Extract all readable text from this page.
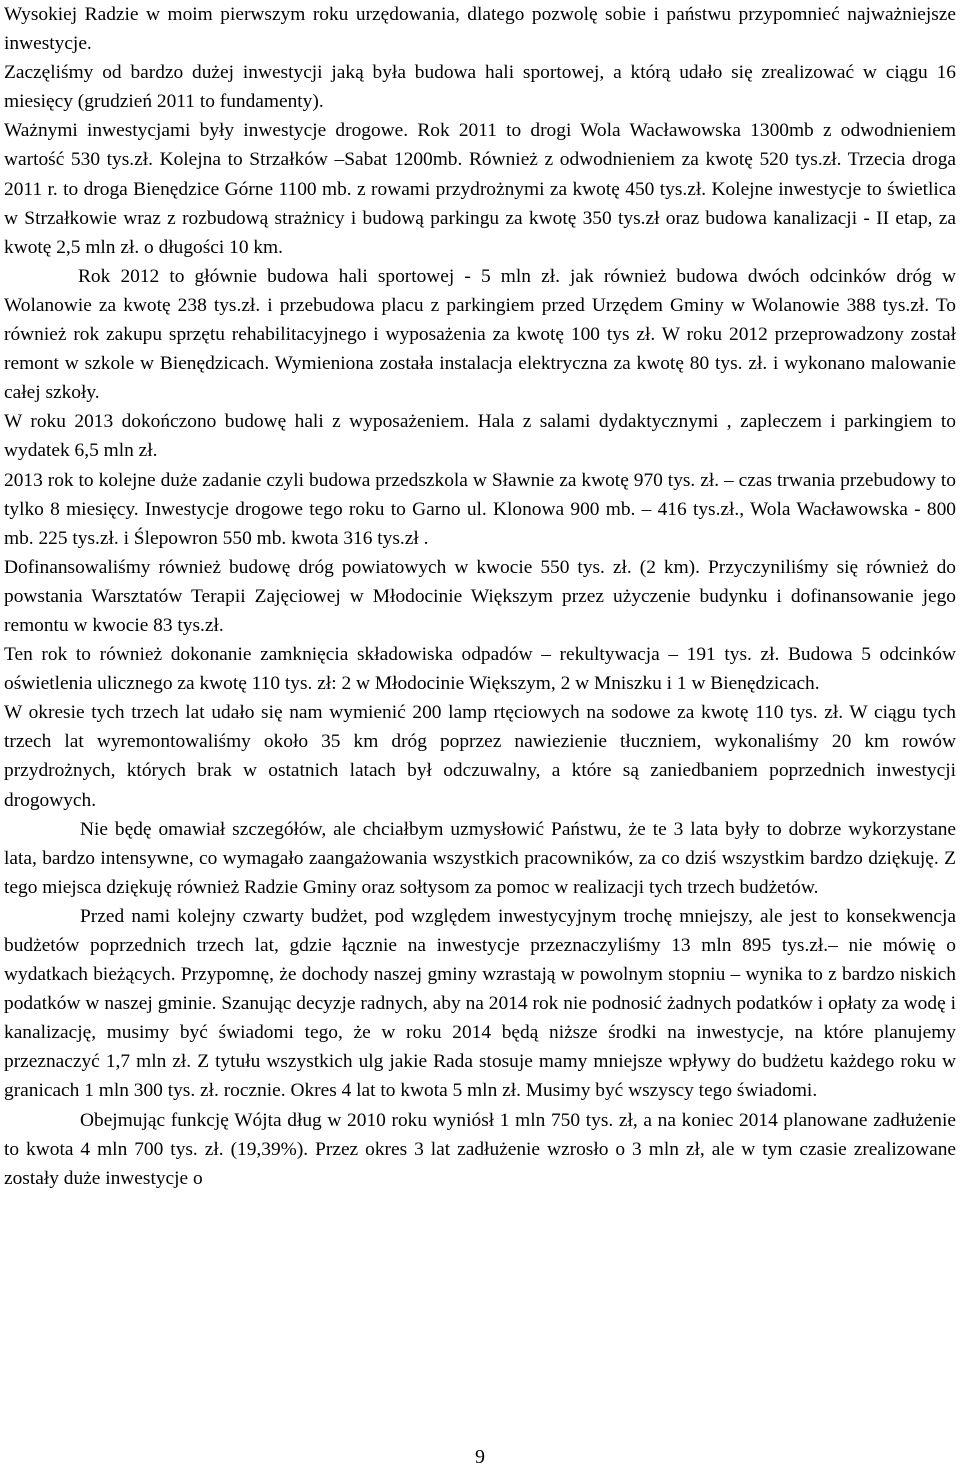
Wysokiej Radzie w moim pierwszym roku urzędowania, dlatego pozwolę sobie i państwu przypomnieć najważniejsze inwestycje.

Zaczęliśmy od bardzo dużej inwestycji jaką była budowa hali sportowej, a którą udało się zrealizować w ciągu 16 miesięcy (grudzień 2011 to fundamenty).

Ważnymi inwestycjami były inwestycje drogowe. Rok 2011 to drogi Wola Wacławowska 1300mb z odwodnieniem wartość 530 tys.zł. Kolejna to Strzałków –Sabat 1200mb. Również z odwodnieniem za kwotę 520 tys.zł. Trzecia droga 2011 r. to droga Bienędzice Górne 1100 mb. z rowami przydrożnymi za kwotę 450 tys.zł. Kolejne inwestycje to świetlica w Strzałkowie wraz z rozbudową strażnicy i budową parkingu za kwotę 350 tys.zł oraz budowa kanalizacji - II etap, za kwotę 2,5 mln zł. o długości 10 km.

Rok 2012 to głównie budowa hali sportowej - 5 mln zł. jak również budowa dwóch odcinków dróg w Wolanowie za kwotę 238 tys.zł. i przebudowa placu z parkingiem przed Urzędem Gminy w Wolanowie 388 tys.zł. To również rok zakupu sprzętu rehabilitacyjnego i wyposażenia za kwotę 100 tys zł. W roku 2012 przeprowadzony został remont w szkole w Bienędzicach. Wymieniona została instalacja elektryczna za kwotę 80 tys. zł. i wykonano malowanie całej szkoły.

W roku 2013 dokończono budowę hali z wyposażeniem. Hala z salami dydaktycznymi , zapleczem i parkingiem to wydatek 6,5 mln zł.

2013 rok to kolejne duże zadanie czyli budowa przedszkola w Sławnie za kwotę 970 tys. zł. – czas trwania przebudowy to tylko 8 miesięcy. Inwestycje drogowe tego roku to Garno ul. Klonowa 900 mb. – 416 tys.zł., Wola Wacławowska - 800 mb. 225 tys.zł. i Ślepowron 550 mb. kwota 316 tys.zł .

Dofinansowaliśmy również budowę dróg powiatowych w kwocie 550 tys. zł. (2 km). Przyczyniliśmy się również do powstania Warsztatów Terapii Zajęciowej w Młodocinie Większym przez użyczenie budynku i dofinansowanie jego remontu w kwocie 83 tys.zł.

Ten rok to również dokonanie zamknięcia składowiska odpadów – rekultywacja – 191 tys. zł. Budowa 5 odcinków oświetlenia ulicznego za kwotę 110 tys. zł: 2 w Młodocinie Większym, 2 w Mniszku i 1 w Bienędzicach.

W okresie tych trzech lat udało się nam wymienić 200 lamp rtęciowych na sodowe za kwotę 110 tys. zł. W ciągu tych trzech lat wyremontowaliśmy około 35 km dróg poprzez nawiezienie tłuczniem, wykonaliśmy 20 km rowów przydrożnych, których brak w ostatnich latach był odczuwalny, a które są zaniedbaniem poprzednich inwestycji drogowych.

Nie będę omawiał szczegółów, ale chciałbym uzmysłowić Państwu, że te 3 lata były to dobrze wykorzystane lata, bardzo intensywne, co wymagało zaangażowania wszystkich pracowników, za co dziś wszystkim bardzo dziękuję. Z tego miejsca dziękuję również Radzie Gminy oraz sołtysom za pomoc w realizacji tych trzech budżetów.

Przed nami kolejny czwarty budżet, pod względem inwestycyjnym trochę mniejszy, ale jest to konsekwencja budżetów poprzednich trzech lat, gdzie łącznie na inwestycje przeznaczyliśmy 13 mln 895 tys.zł.– nie mówię o wydatkach bieżących. Przypomnę, że dochody naszej gminy wzrastają w powolnym stopniu – wynika to z bardzo niskich podatków w naszej gminie. Szanując decyzje radnych, aby na 2014 rok nie podnosić żadnych podatków i opłaty za wodę i kanalizację, musimy być świadomi tego, że w roku 2014 będą niższe środki na inwestycje, na które planujemy przeznaczyć 1,7 mln zł. Z tytułu wszystkich ulg jakie Rada stosuje mamy mniejsze wpływy do budżetu każdego roku w granicach 1 mln 300 tys. zł. rocznie. Okres 4 lat to kwota 5 mln zł. Musimy być wszyscy tego świadomi.

Obejmując funkcję Wójta dług w 2010 roku wyniósł 1 mln 750 tys. zł, a na koniec 2014 planowane zadłużenie to kwota 4 mln 700 tys. zł. (19,39%). Przez okres 3 lat zadłużenie wzrosło o 3 mln zł, ale w tym czasie zrealizowane zostały duże inwestycje o

9
